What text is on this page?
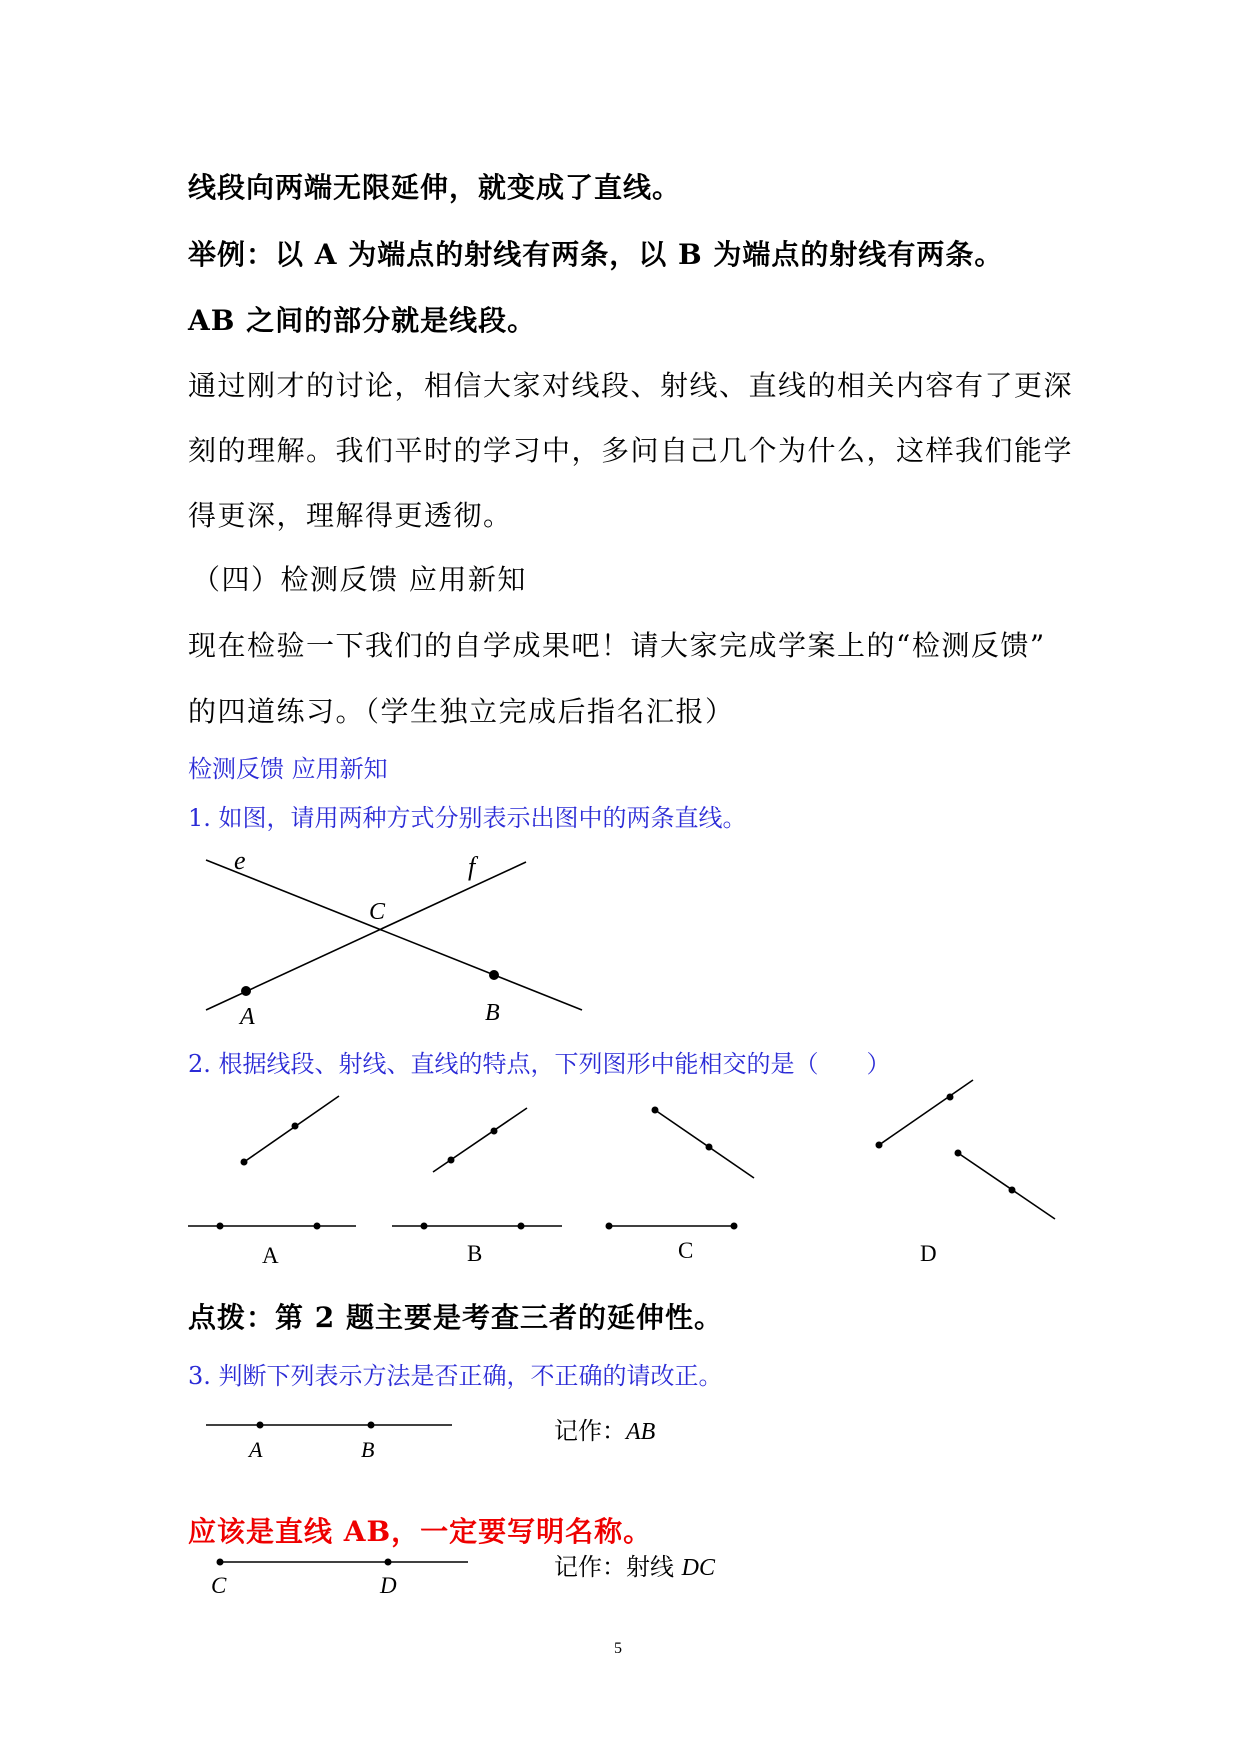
线段向两端无限延伸，就变成了直线。
举例：以 A 为端点的射线有两条，以 B 为端点的射线有两条。
AB 之间的部分就是线段。
通过刚才的讨论，相信大家对线段、射线、直线的相关内容有了更深
刻的理解。我们平时的学习中，多问自己几个为什么，这样我们能学
得更深，理解得更透彻。
（四）检测反馈 应用新知
现在检验一下我们的自学成果吧！请大家完成学案上的“检测反馈”
的四道练习。（学生独立完成后指名汇报）
检测反馈 应用新知
1. 如图，请用两种方式分别表示出图中的两条直线。
e	f
C
A	B
2. 根据线段、射线、直线的特点，下列图形中能相交的是（　　）
A	B	C	D
点拨：第 2 题主要是考查三者的延伸性。
3. 判断下列表示方法是否正确，不正确的请改正。
A	B
记作：AB
应该是直线 AB，一定要写明名称。
C	D
记作：射线 DC
5
